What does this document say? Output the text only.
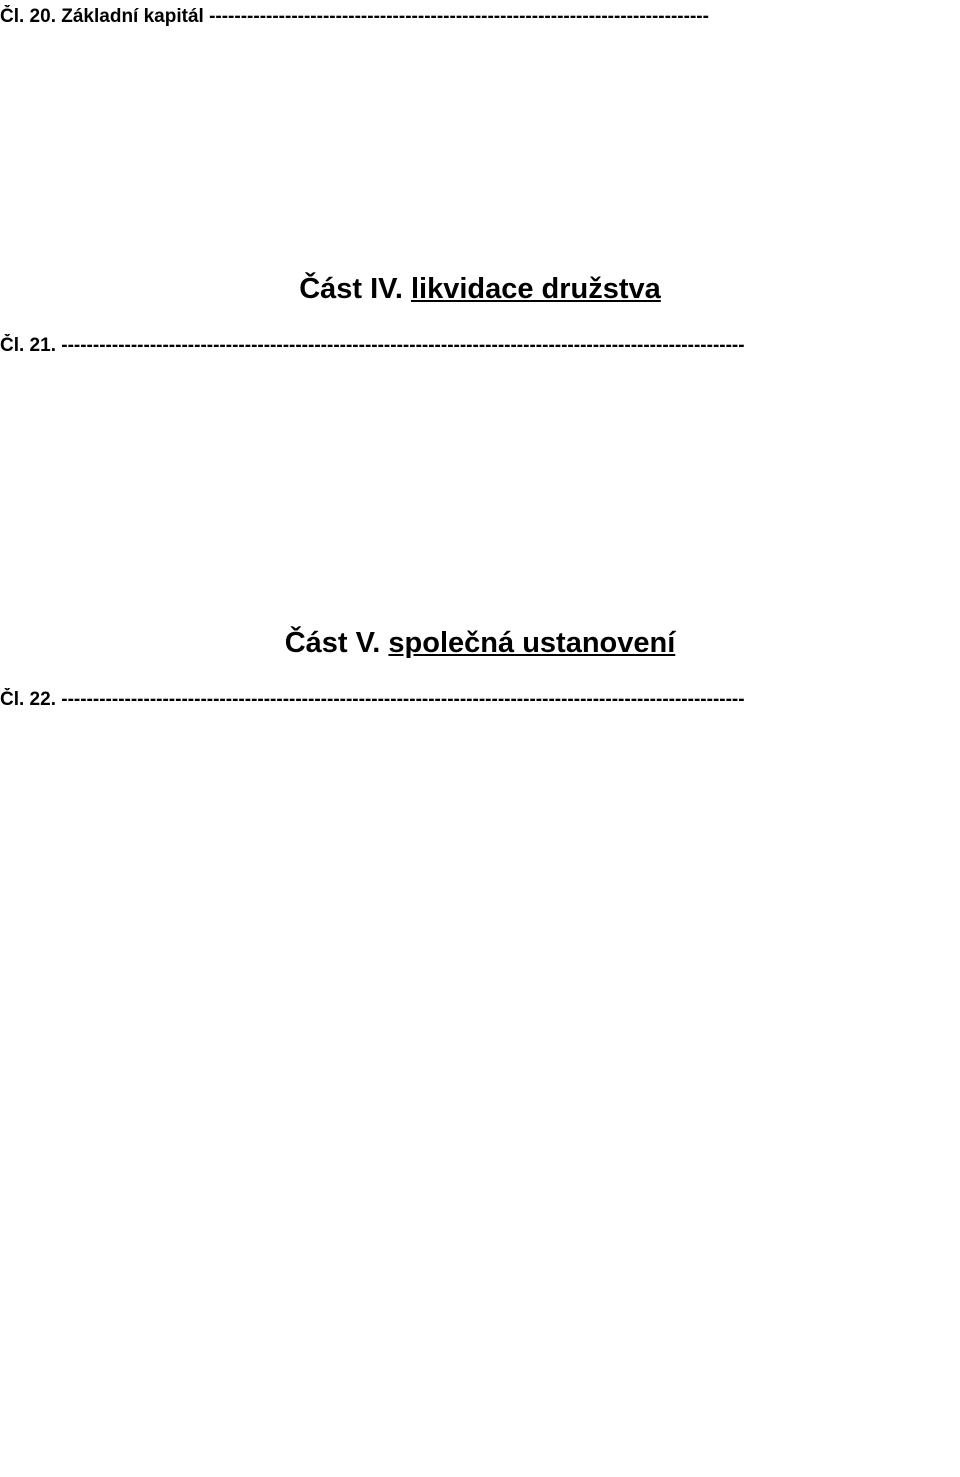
Čl. 20. Základní kapitál -------------------------------------------------------------------------------
Část IV. likvidace družstva
Čl. 21. ------------------------------------------------------------------------------------------------------------
Část V. společná ustanovení
Čl. 22. ------------------------------------------------------------------------------------------------------------
